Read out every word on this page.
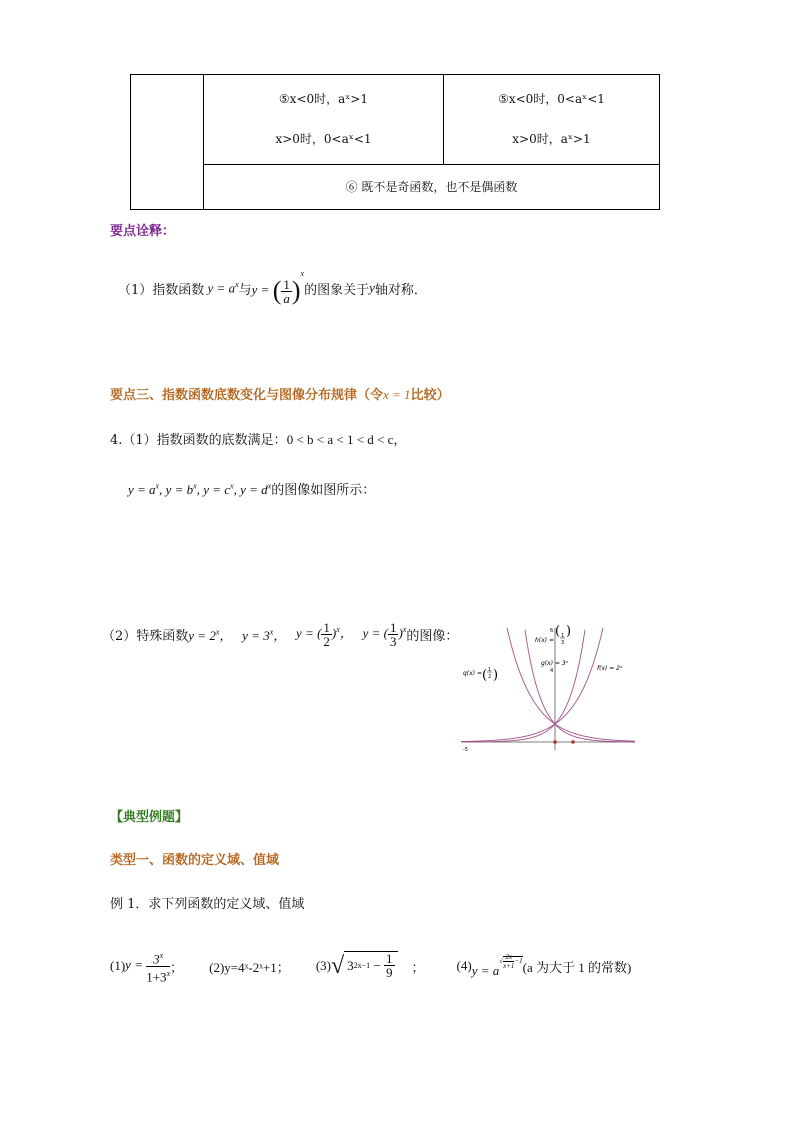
⑤x<0时，aˣ>1
x>0时，0<aˣ<1

⑤x<0时，0<aˣ<1
x>0时，aˣ>1

⑥ 既不是奇函数，也不是偶函数
要点诠释：
（1）指数函数 $y = a^x$ 与 y = ( $\frac{1}{a} )^x$
的图象关于 y 轴对称．
要点三、指数函数底数变化与图像分布规律（令x = 1比较）
4.（1）指数函数的底数满足：0 < b < a < 1 < d < c，
$y = a^x$, $y = b^x$, $y = c^x$, $y = d^x$的图像如图所示：
（2）特殊函数 $y = 2^x$， $y = 3^x$， y = ( $\frac{1}{2} )^x$， y = ( $\frac{1}{3} )^x$ 的图像：
-5
6
4
h(x) =
( 1
3
)
g(x) = 3ˣ
q(x) = ( 1
2 )	f(x) = 2ˣ
【典型例题】
类型一、函数的定义域、值域
例 1．求下列函数的定义域、值域
(1) $y = \frac{3^x}{1+3^x}$ ； (2)y=4ˣ-2ˣ+1； (3) √ 3 $2x-1 - \frac{1}{9}$ ； (4) $y = a^{√ \frac{2x}{x+1} -1}$ (a 为大于 1 的常数)
